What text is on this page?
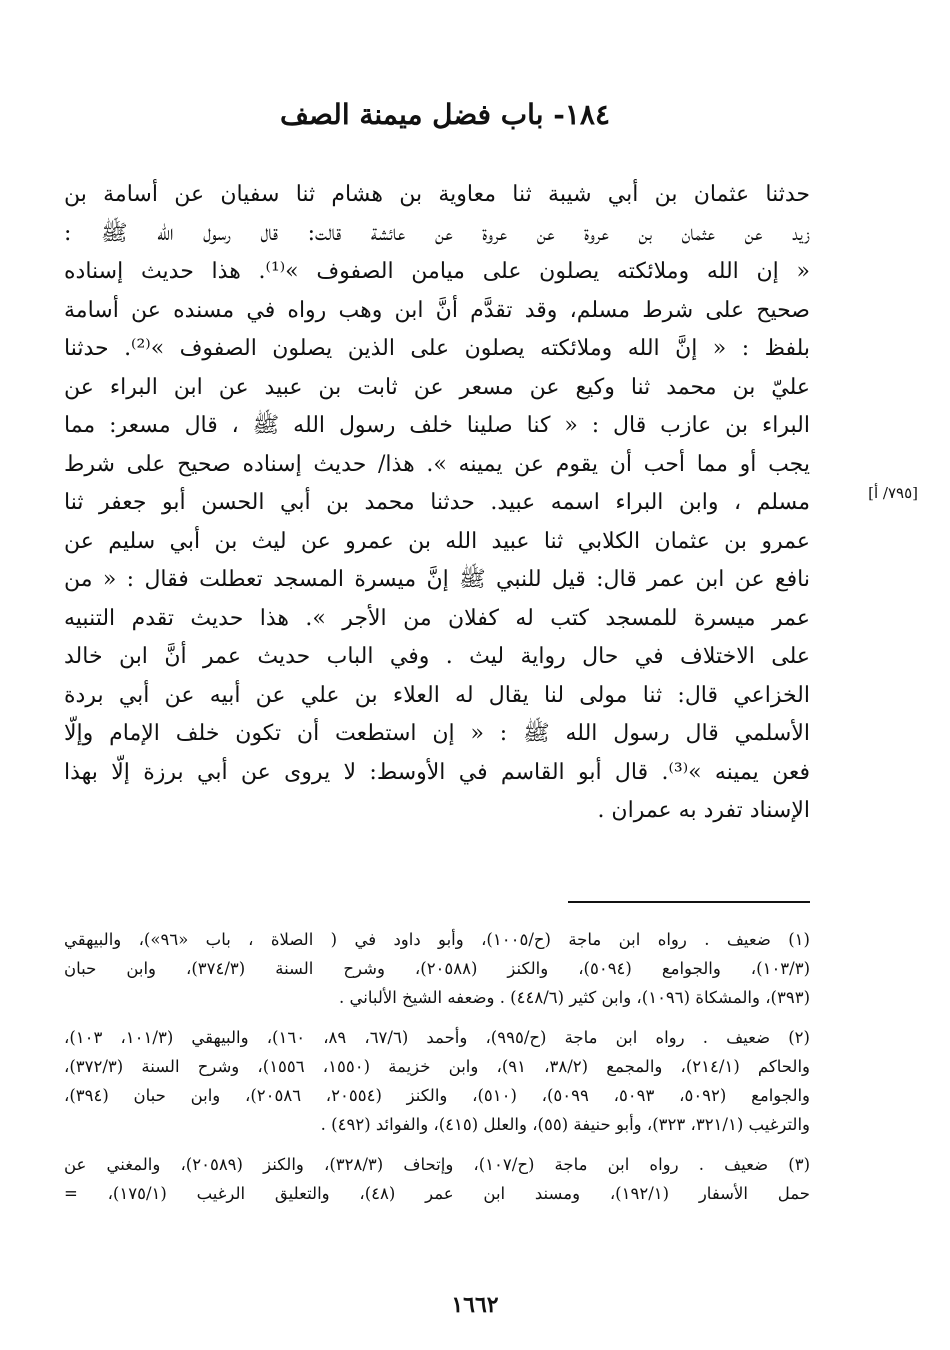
١٨٤- باب فضل ميمنة الصف
حدثنا عثمان بن أبي شيبة ثنا معاوية بن هشام ثنا سفيان عن أسامة بن
زيد عن عثمان بن عروة عن عروة عن عائشة قالت: قال رسول الله ﷺ :
« إن الله وملائكته يصلون على ميامن الصفوف »⁽¹⁾. هذا حديث إسناده
صحيح على شرط مسلم، وقد تقدَّم أنَّ ابن وهب رواه في مسنده عن أسامة
بلفظ : « إنَّ الله وملائكته يصلون على الذين يصلون الصفوف »⁽²⁾. حدثنا
عليّ بن محمد ثنا وكيع عن مسعر عن ثابت بن عبيد عن ابن البراء عن
البراء بن عازب قال : « كنا صلينا خلف رسول الله ﷺ ، قال مسعر: مما
يجب أو مما أحب أن يقوم عن يمينه ». هذا/ حديث إسناده صحيح على شرط
مسلم ، وابن البراء اسمه عبيد. حدثنا محمد بن أبي الحسن أبو جعفر ثنا
عمرو بن عثمان الكلابي ثنا عبيد الله بن عمرو عن ليث بن أبي سليم عن
نافع عن ابن عمر قال: قيل للنبي ﷺ إنَّ ميسرة المسجد تعطلت فقال : « من
عمر ميسرة للمسجد كتب له كفلان من الأجر ». هذا حديث تقدم التنبيه
على الاختلاف في حال رواية ليث . وفي الباب حديث عمر أنَّ ابن خالد
الخزاعي قال: ثنا مولى لنا يقال له العلاء بن علي عن أبيه عن أبي بردة
الأسلمي قال رسول الله ﷺ : « إن استطعت أن تكون خلف الإمام وإلّا
فعن يمينه »⁽³⁾. قال أبو القاسم في الأوسط: لا يروى عن أبي برزة إلّا بهذا
الإسناد تفرد به عمران .
[٧٩٥/ أ]
(١) ضعيف . رواه ابن ماجة (ح/١٠٠٥)، وأبو داود في ( الصلاة ، باب «٩٦»)، والبيهقي
(١٠٣/٣)، والجوامع (٥٠٩٤)، والكنز (٢٠٥٨٨)، وشرح السنة (٣٧٤/٣)، وابن حبان
(٣٩٣)، والمشكاة (١٠٩٦)، وابن كثير (٤٤٨/٦) . وضعفه الشيخ الألباني .
(٢) ضعيف . رواه ابن ماجة (ح/٩٩٥)، وأحمد (٦٧/٦، ٨٩، ١٦٠)، والبيهقي (١٠١/٣، ١٠٣)،
والحاكم (٢١٤/١)، والمجمع (٣٨/٢، ٩١)، وابن خزيمة (١٥٥٠، ١٥٥٦)، وشرح السنة (٣٧٢/٣)،
والجوامع (٥٠٩٢، ٥٠٩٣، ٥٠٩٩)، (٥١٠)، والكنز (٢٠٥٥٤، ٢٠٥٨٦)، وابن حبان (٣٩٤)،
والترغيب (٣٢١/١، ٣٢٣)، وأبو حنيفة (٥٥)، والعلل (٤١٥)، والفوائد (٤٩٢) .
(٣) ضعيف . رواه ابن ماجة (ح/١٠٧)، وإتحاف (٣٢٨/٣)، والكنز (٢٠٥٨٩)، والمغني عن
حمل الأسفار (١٩٢/١)، ومسند ابن عمر (٤٨)، والتعليق الرغيب (١٧٥/١)، =
١٦٦٢
